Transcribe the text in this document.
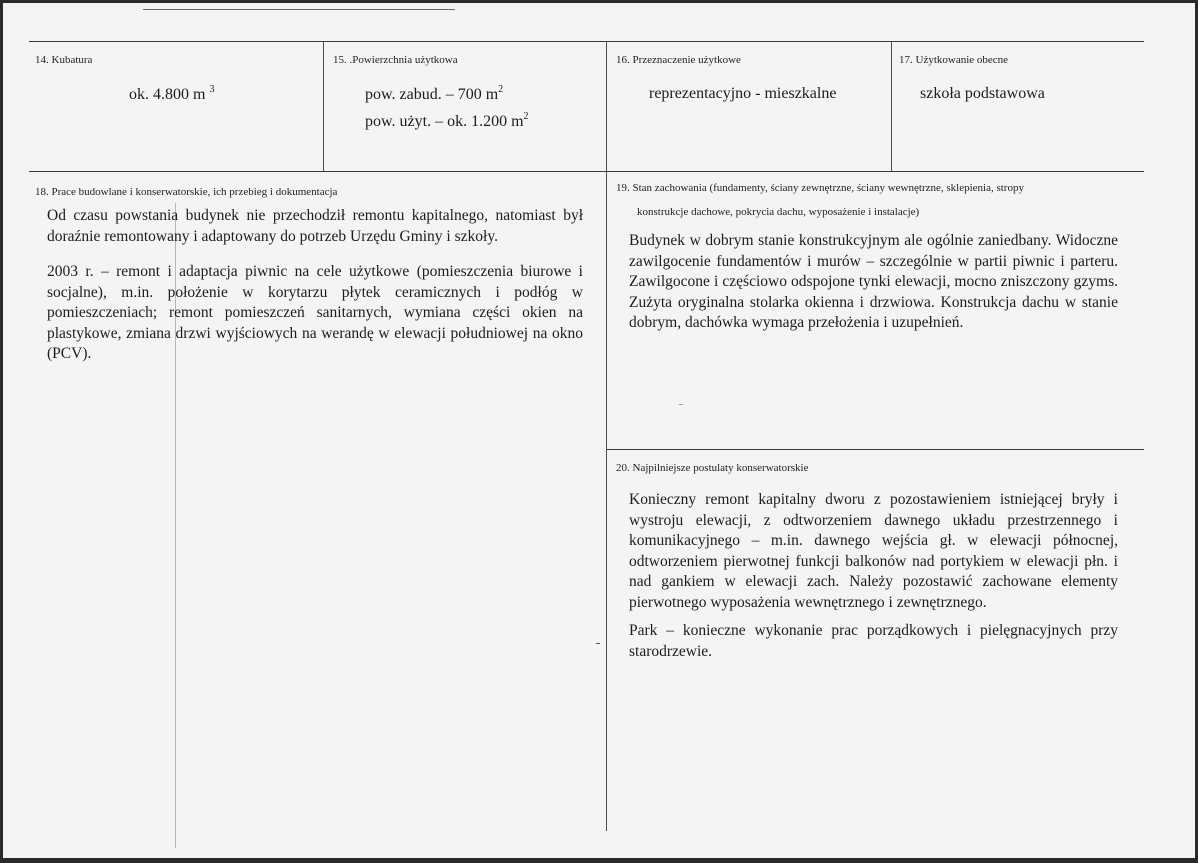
14. Kubatura
ok. 4.800 m $^3$
15. .Powierzchnia użytkowa
pow. zabud. – 700 $m^2$
pow. użyt. – ok. 1.200 $m^2$
16. Przeznaczenie użytkowe
reprezentacyjno - mieszkalne
17. Użytkowanie obecne
szkoła podstawowa
18. Prace budowlane i konserwatorskie, ich przebieg i dokumentacja

Od czasu powstania budynek nie przechodził remontu kapitalnego, natomiast był doraźnie remontowany i adaptowany do potrzeb Urzędu Gminy i szkoły.

2003 r. – remont i adaptacja piwnic na cele użytkowe (pomieszczenia biurowe i socjalne), m.in. położenie w korytarzu płytek ceramicznych i podłóg w pomieszczeniach; remont pomieszczeń sanitarnych, wymiana części okien na plastykowe, zmiana drzwi wyjściowych na werandę w elewacji południowej na okno (PCV).

19. Stan zachowania (fundamenty, ściany zewnętrzne, ściany wewnętrzne, sklepienia, stropy
konstrukcje dachowe, pokrycia dachu, wyposażenie i instalacje)

Budynek w dobrym stanie konstrukcyjnym ale ogólnie zaniedbany. Widoczne zawilgocenie fundamentów i murów – szczególnie w partii piwnic i parteru. Zawilgocone i częściowo odspojone tynki elewacji, mocno zniszczony gzyms. Zużyta oryginalna stolarka okienna i drzwiowa. Konstrukcja dachu w stanie dobrym, dachówka wymaga przełożenia i uzupełnień.

20. Najpilniejsze postulaty konserwatorskie

Konieczny remont kapitalny dworu z pozostawieniem istniejącej bryły i wystroju elewacji, z odtworzeniem dawnego układu przestrzennego i komunikacyjnego – m.in. dawnego wejścia gł. w elewacji północnej, odtworzeniem pierwotnej funkcji balkonów nad portykiem w elewacji płn. i nad gankiem w elewacji zach. Należy pozostawić zachowane elementy pierwotnego wyposażenia wewnętrznego i zewnętrznego.

Park – konieczne wykonanie prac porządkowych i pielęgnacyjnych przy starodrzewie.
